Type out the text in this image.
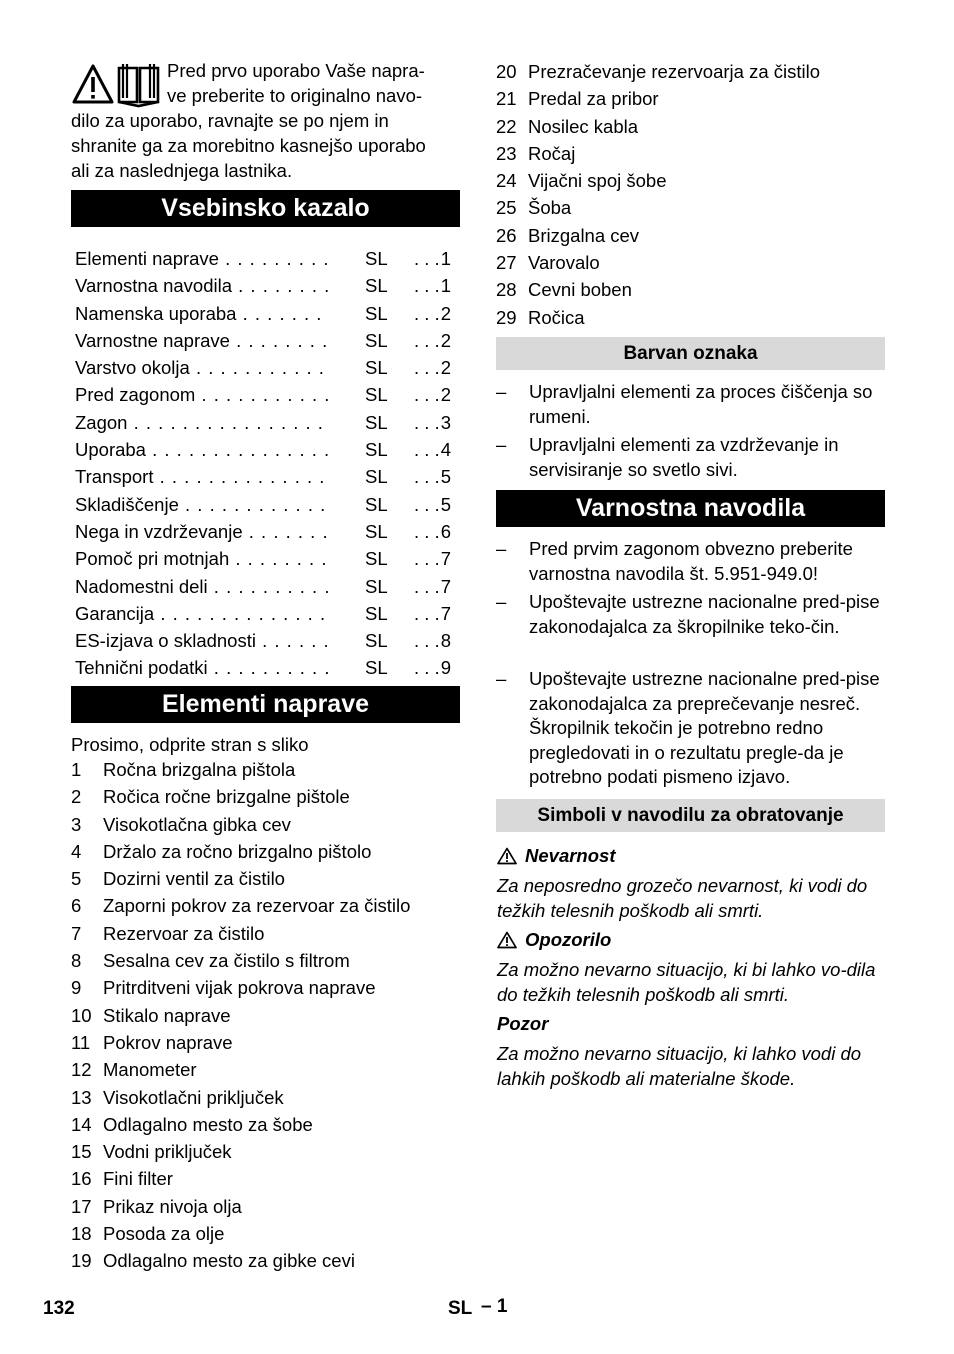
Pred prvo uporabo Vaše napra-

ve preberite to originalno navo-

dilo za uporabo, ravnajte se po njem in

shranite ga za morebitno kasnejšo uporabo

ali za naslednjega lastnika.

Vsebinsko kazalo
Elementi naprave . . .	SL	. . . 1
Varnostna navodila . . .	SL	. . . 1
Namenska uporaba . . .	SL	. . . 2
Varnostne naprave . . .	SL	. . . 2
Varstvo okolja . . .	SL	. . . 2
Pred zagonom . . .	SL	. . . 2
Zagon . . .	SL	. . . 3
Uporaba . . .	SL	. . . 4
Transport . . .	SL	. . . 5
Skladiščenje . . .	SL	. . . 5
Nega in vzdrževanje . . .	SL	. . . 6
Pomoč pri motnjah . . .	SL	. . . 7
Nadomestni deli . . .	SL	. . . 7
Garancija . . .	SL	. . . 7
ES-izjava o skladnosti . . .	SL	. . . 8
Tehnični podatki . . .	SL	. . . 9
Elementi naprave
Prosimo, odprite stran s sliko
1 Ročna brizgalna pištola
2 Ročica ročne brizgalne pištole
3 Visokotlačna gibka cev
4 Držalo za ročno brizgalno pištolo
5 Dozirni ventil za čistilo
6 Zaporni pokrov za rezervoar za čistilo
7 Rezervoar za čistilo
8 Sesalna cev za čistilo s filtrom
9 Pritrditveni vijak pokrova naprave
10 Stikalo naprave
11 Pokrov naprave
12 Manometer
13 Visokotlačni priključek
14 Odlagalno mesto za šobe
15 Vodni priključek
16 Fini filter
17 Prikaz nivoja olja
18 Posoda za olje
19 Odlagalno mesto za gibke cevi
20 Prezračevanje rezervoarja za čistilo
21 Predal za pribor
22 Nosilec kabla
23 Ročaj
24 Vijačni spoj šobe
25 Šoba
26 Brizgalna cev
27 Varovalo
28 Cevni boben
29 Ročica
Barvan oznaka
– Upravljalni elementi za proces čiščenja so rumeni.
– Upravljalni elementi za vzdrževanje in servisiranje so svetlo sivi.
Varnostna navodila
– Pred prvim zagonom obvezno preberite varnostna navodila št. 5.951-949.0!
– Upoštevajte ustrezne nacionalne pred-pise zakonodajalca za škropilnike teko-čin.
– Upoštevajte ustrezne nacionalne pred-pise zakonodajalca za preprečevanje nesreč. Škropilnik tekočin je potrebno redno pregledovati in o rezultatu pregle-da je potrebno podati pismeno izjavo.
Simboli v navodilu za obratovanje
Nevarnost
Za neposredno grozečo nevarnost, ki vodi do težkih telesnih poškodb ali smrti.
Opozorilo
Za možno nevarno situacijo, ki bi lahko vo-dila do težkih telesnih poškodb ali smrti.
Pozor
Za možno nevarno situacijo, ki lahko vodi do lahkih poškodb ali materialne škode.
132	SL – 1
